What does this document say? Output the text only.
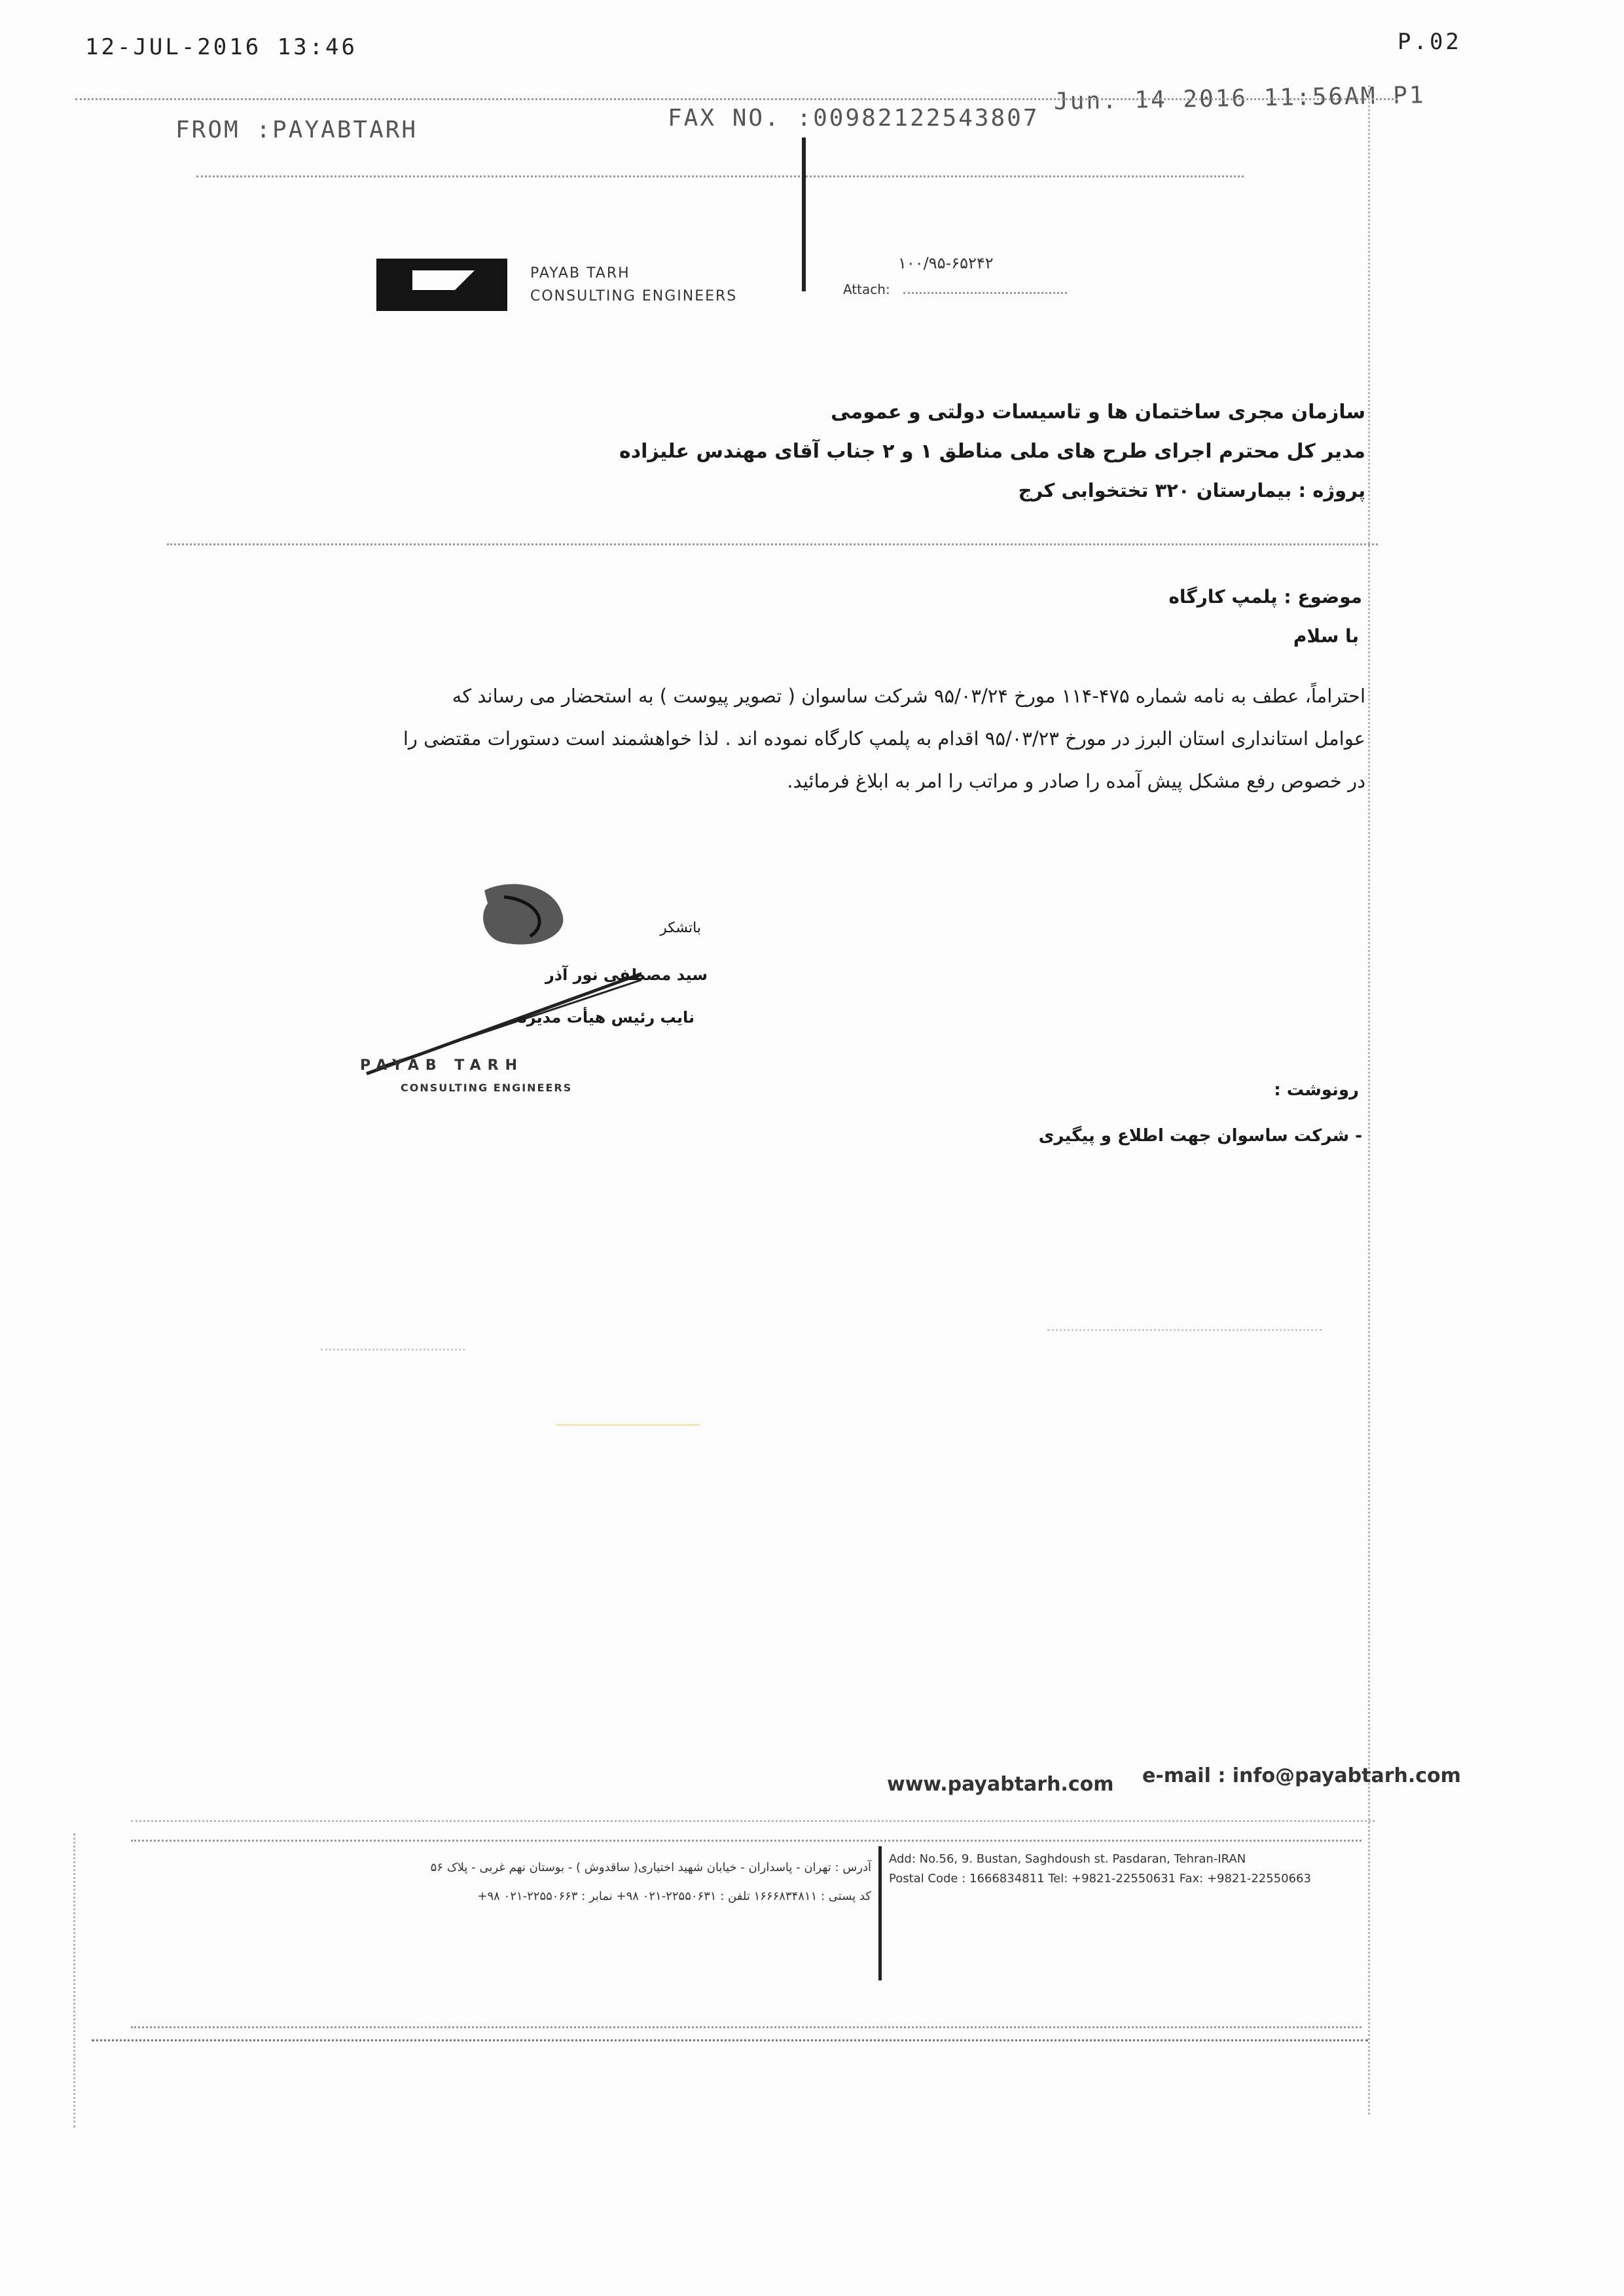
12-JUL-2016 13:46	P.02
FROM :PAYABTARH	FAX NO. :00982122543807
Jun. 14 2016 11:56AM P1
PAYAB TARH
CONSULTING ENGINEERS
۱۰۰/۹۵-۶۵۲۴۲
Attach:
سازمان مجری ساختمان ها و تاسیسات دولتی و عمومی
مدیر کل محترم اجرای طرح های ملی مناطق ۱ و ۲ جناب آقای مهندس علیزاده
پروژه : بیمارستان ۳۲۰ تختخوابی کرج
موضوع : پلمپ کارگاه
با سلام
احتراماً، عطف به نامه شماره ۴۷۵-۱۱۴ مورخ ۹۵/۰۳/۲۴ شرکت ساسوان ( تصویر پیوست ) به استحضار می رساند که
عوامل استانداری استان البرز در مورخ ۹۵/۰۳/۲۳ اقدام به پلمپ کارگاه نموده اند . لذا خواهشمند است دستورات مقتضی را
در خصوص رفع مشکل پیش آمده را صادر و مراتب را امر به ابلاغ فرمائید.
باتشکر
سید مصطفی نور آذر
نایب رئیس هیأت مدیره
PAYAB TARH
CONSULTING ENGINEERS	رونوشت :
- شرکت ساسوان جهت اطلاع و پیگیری
www.payabtarh.com e-mail : info@payabtarh.com
آدرس : تهران - پاسداران - خیابان شهید اختیاری( ساقدوش ) - بوستان نهم غربی - پلاک ۵۶
کد پستی : ۱۶۶۶۸۳۴۸۱۱ تلفن : ۲۲۵۵۰۶۳۱-۰۲۱ ۹۸+ نمابر : ۲۲۵۵۰۶۶۳-۰۲۱ ۹۸+
Add: No.56, 9. Bustan, Saghdoush st. Pasdaran, Tehran-IRAN
Postal Code : 1666834811 Tel: +9821-22550631 Fax: +9821-22550663
